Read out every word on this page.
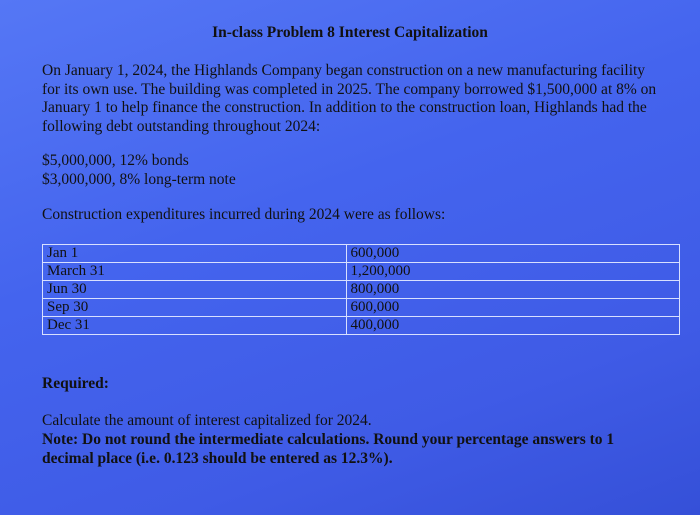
In-class Problem 8 Interest Capitalization
On January 1, 2024, the Highlands Company began construction on a new manufacturing facility for its own use. The building was completed in 2025. The company borrowed $1,500,000 at 8% on January 1 to help finance the construction. In addition to the construction loan, Highlands had the following debt outstanding throughout 2024:
$5,000,000, 12% bonds
$3,000,000, 8% long-term note
Construction expenditures incurred during 2024 were as follows:
Jan 1	600,000
March 31	1,200,000
Jun 30	800,000
Sep 30	600,000
Dec 31	400,000
Required:
Calculate the amount of interest capitalized for 2024.
Note: Do not round the intermediate calculations. Round your percentage answers to 1 decimal place (i.e. 0.123 should be entered as 12.3%).
